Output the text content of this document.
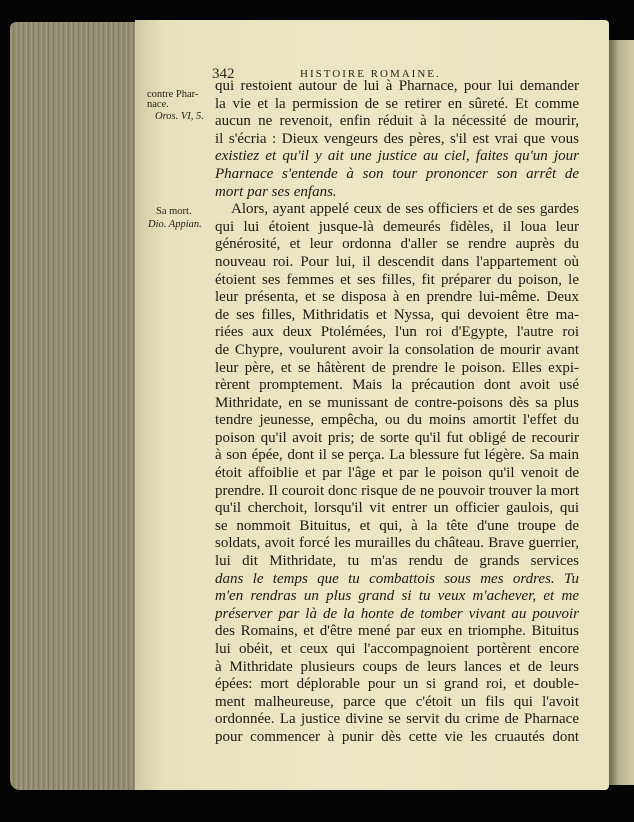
342	HISTOIRE ROMAINE.
contre Phar-
nace.
Oros. VI, 5.
Sa mort.
Dio. Appian.
qui restoient autour de lui à Pharnace, pour lui demander
la vie et la permission de se retirer en sûreté. Et comme
aucun ne revenoit, enfin réduit à la nécessité de mourir,
il s'écria : Dieux vengeurs des pères, s'il est vrai que vous
existiez et qu'il y ait une justice au ciel, faites qu'un jour
Pharnace s'entende à son tour prononcer son arrêt de
mort par ses enfans.
Alors, ayant appelé ceux de ses officiers et de ses gardes
qui lui étoient jusque-là demeurés fidèles, il loua leur
générosité, et leur ordonna d'aller se rendre auprès du
nouveau roi. Pour lui, il descendit dans l'appartement où
étoient ses femmes et ses filles, fit préparer du poison, le
leur présenta, et se disposa à en prendre lui-même. Deux
de ses filles, Mithridatis et Nyssa, qui devoient être ma-
riées aux deux Ptolémées, l'un roi d'Egypte, l'autre roi
de Chypre, voulurent avoir la consolation de mourir avant
leur père, et se hâtèrent de prendre le poison. Elles expi-
rèrent promptement. Mais la précaution dont avoit usé
Mithridate, en se munissant de contre-poisons dès sa plus
tendre jeunesse, empêcha, ou du moins amortit l'effet du
poison qu'il avoit pris; de sorte qu'il fut obligé de recourir
à son épée, dont il se perça. La blessure fut légère. Sa main
étoit affoiblie et par l'âge et par le poison qu'il venoit de
prendre. Il couroit donc risque de ne pouvoir trouver la mort
qu'il cherchoit, lorsqu'il vit entrer un officier gaulois, qui
se nommoit Bituitus, et qui, à la tête d'une troupe de
soldats, avoit forcé les murailles du château. Brave guerrier,
lui dit Mithridate, tu m'as rendu de grands services
dans le temps que tu combattois sous mes ordres. Tu
m'en rendras un plus grand si tu veux m'achever, et me
préserver par là de la honte de tomber vivant au pouvoir
des Romains, et d'être mené par eux en triomphe. Bituitus
lui obéit, et ceux qui l'accompagnoient portèrent encore
à Mithridate plusieurs coups de leurs lances et de leurs
épées: mort déplorable pour un si grand roi, et double-
ment malheureuse, parce que c'étoit un fils qui l'avoit
ordonnée. La justice divine se servit du crime de Pharnace
pour commencer à punir dès cette vie les cruautés dont
